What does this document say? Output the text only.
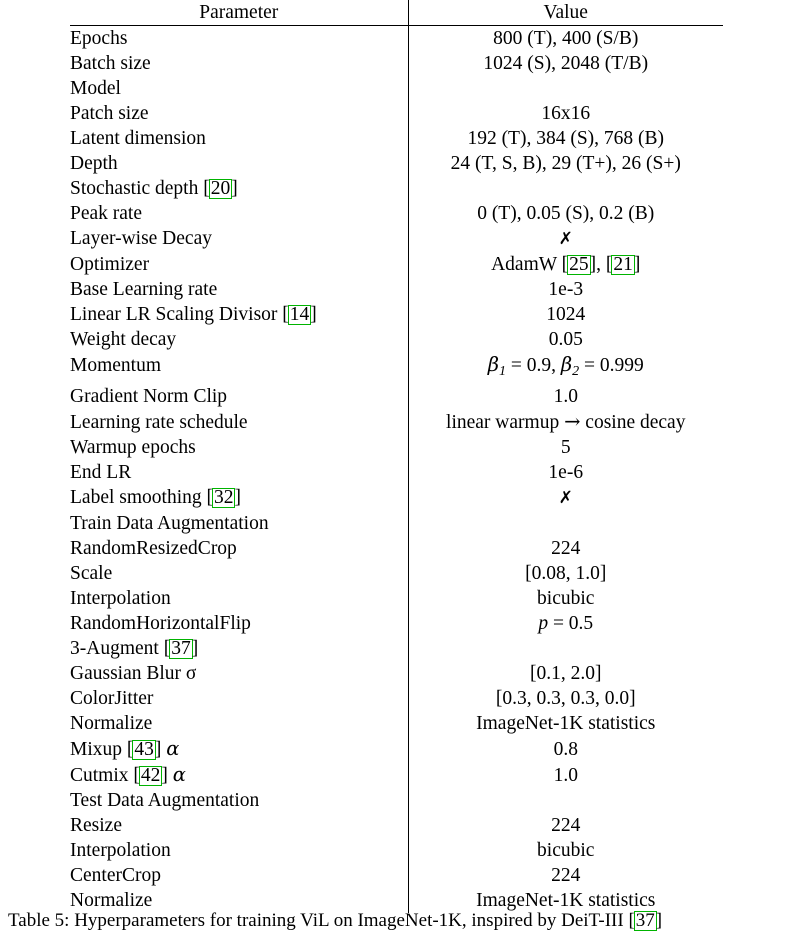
Parameter	Value
Epochs	800 (T), 400 (S/B)
Batch size	1024 (S), 2048 (T/B)
Model	
Patch size	16x16
Latent dimension	192 (T), 384 (S), 768 (B)
Depth	24 (T, S, B), 29 (T+), 26 (S+)
Stochastic depth [20]	
Peak rate	0 (T), 0.05 (S), 0.2 (B)
Layer-wise Decay	✗
Optimizer	AdamW [25], [21]
Base Learning rate	1e-3
Linear LR Scaling Divisor [14]	1024
Weight decay	0.05
Momentum	$\beta_1 = 0.9$, $\beta_2 = 0.999$
Gradient Norm Clip	1.0
Learning rate schedule	linear warmup → cosine decay
Warmup epochs	5
End LR	1e-6
Label smoothing [32]	✗
Train Data Augmentation	
RandomResizedCrop	224
Scale	[0.08, 1.0]
Interpolation	bicubic
RandomHorizontalFlip	p = 0.5
3-Augment [37]	
Gaussian Blur σ	[0.1, 2.0]
ColorJitter	[0.3, 0.3, 0.3, 0.0]
Normalize	ImageNet-1K statistics
Mixup [43] α	0.8
Cutmix [42] α	1.0
Test Data Augmentation	
Resize	224
Interpolation	bicubic
CenterCrop	224
Normalize	ImageNet-1K statistics
Table 5: Hyperparameters for training ViL on ImageNet-1K, inspired by DeiT-III [37]
